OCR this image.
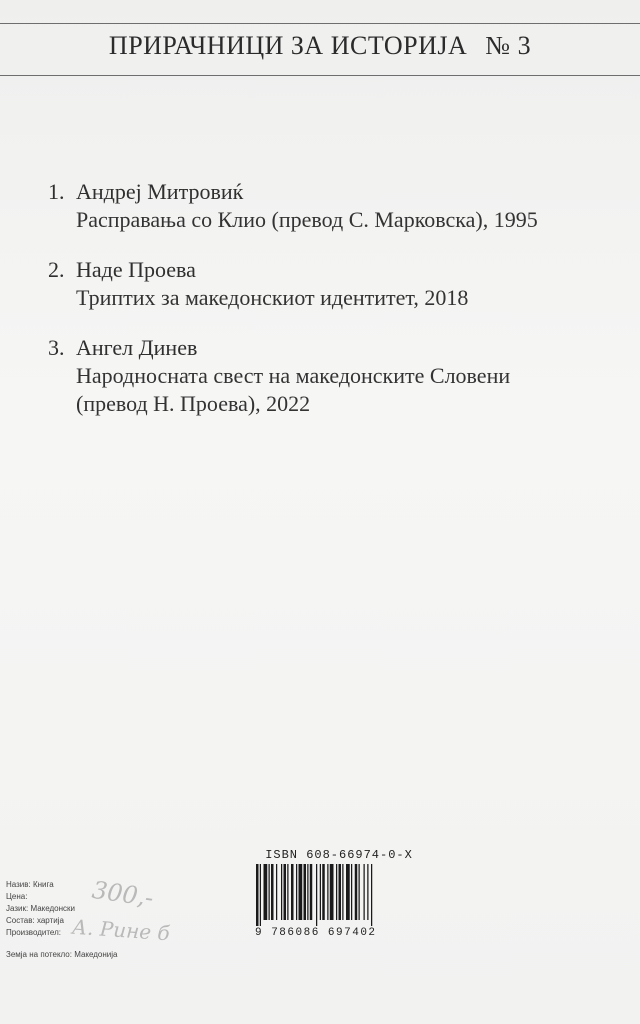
ПРИРАЧНИЦИ ЗА ИСТОРИЈА № 3
1. Андреј Митровиќ
Расправања со Клио (превод С. Марковска), 1995
2. Наде Проева
Триптих за македонскиот идентитет, 2018
3. Ангел Динев
Народносната свест на македонските Словени
(превод Н. Проева), 2022
Назив: Книга
Цена:
Јазик: Македонски
Состав: хартија
Производител:
Земја на потекло: Македонија
300,-
А. Рине б
ISBN 608-66974-0-X
9 786086 697402
